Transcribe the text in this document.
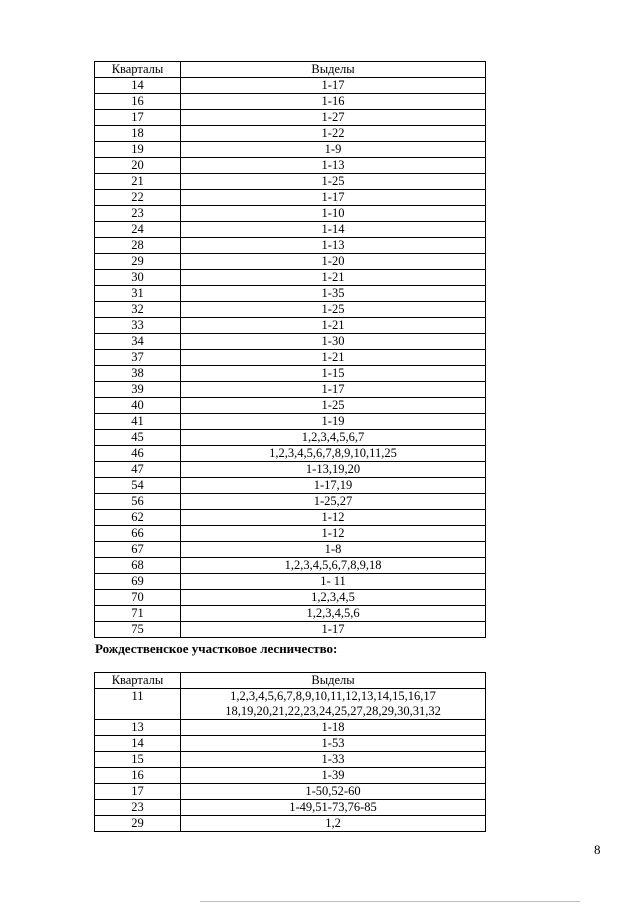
Кварталы	Выделы
14	1-17
16	1-16
17	1-27
18	1-22
19	1-9
20	1-13
21	1-25
22	1-17
23	1-10
24	1-14
28	1-13
29	1-20
30	1-21
31	1-35
32	1-25
33	1-21
34	1-30
37	1-21
38	1-15
39	1-17
40	1-25
41	1-19
45	1,2,3,4,5,6,7
46	1,2,3,4,5,6,7,8,9,10,11,25
47	1-13,19,20
54	1-17,19
56	1-25,27
62	1-12
66	1-12
67	1-8
68	1,2,3,4,5,6,7,8,9,18
69	1- 11
70	1,2,3,4,5
71	1,2,3,4,5,6
75	1-17
Рождественское участковое лесничество:
Кварталы	Выделы
11	1,2,3,4,5,6,7,8,9,10,11,12,13,14,15,16,17 18,19,20,21,22,23,24,25,27,28,29,30,31,32
13	1-18
14	1-53
15	1-33
16	1-39
17	1-50,52-60
23	1-49,51-73,76-85
29	1,2
8
